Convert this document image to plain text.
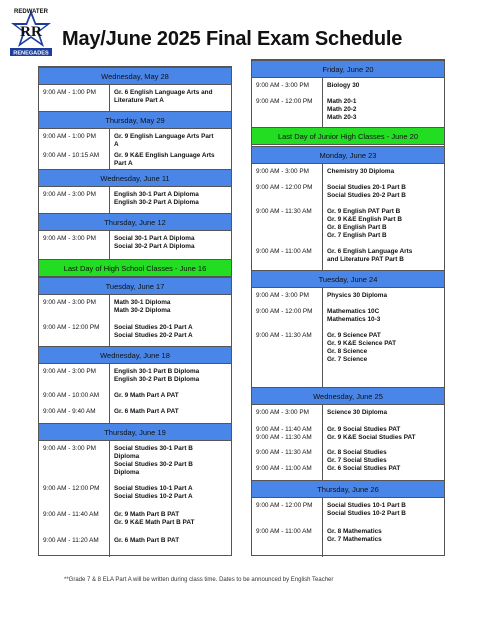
RR
REDWATER
RENEGADES
May/June 2025 Final Exam Schedule
Wednesday, May 28
9:00 AM - 1:00 PM	Gr. 6 English Language Arts and
Literature Part A
Thursday, May 29
9:00 AM - 1:00 PM	Gr. 9 English Language Arts Part
A
9:00 AM - 10:15 AM	Gr. 9 K&E English Language Arts
Part A
Wednesday, June 11
9:00 AM - 3:00 PM	English 30-1 Part A Diploma
English 30-2 Part A Diploma
Thursday, June 12
9:00 AM - 3:00 PM	Social 30-1 Part A Diploma
Social 30-2 Part A Diploma
Last Day of High School Classes - June 16
Tuesday, June 17
9:00 AM - 3:00 PM	Math 30-1 Diploma
Math 30-2 Diploma
9:00 AM - 12:00 PM	Social Studies 20-1 Part A
Social Studies 20-2 Part A
Wednesday, June 18
9:00 AM - 3:00 PM	English 30-1 Part B Diploma
English 30-2 Part B Diploma
9:00 AM - 10:00 AM	Gr. 9 Math Part A PAT
9:00 AM - 9:40 AM	Gr. 6 Math Part A PAT
Thursday, June 19
9:00 AM - 3:00 PM	Social Studies 30-1 Part B
Diploma
Social Studies 30-2 Part B
Diploma
9:00 AM - 12:00 PM	Social Studies 10-1 Part A
Social Studies 10-2 Part A
9:00 AM - 11:40 AM	Gr. 9 Math Part B PAT
Gr. 9 K&E Math Part B PAT
9:00 AM - 11:20 AM	Gr. 6 Math Part B PAT
Friday, June 20
9:00 AM - 3:00 PM	Biology 30
9:00 AM - 12:00 PM	Math 20-1
Math 20-2
Math 20-3
Last Day of Junior High Classes - June 20
Monday, June 23
9:00 AM - 3:00 PM	Chemistry 30 Diploma
9:00 AM - 12:00 PM	Social Studies 20-1 Part B
Social Studies 20-2 Part B
9:00 AM - 11:30 AM	Gr. 9 English PAT Part B
Gr. 9 K&E English Part B
Gr. 8 English Part B
Gr. 7 English Part B
9:00 AM - 11:00 AM	Gr. 6 English Language Arts
and Literature PAT Part B
Tuesday, June 24
9:00 AM - 3:00 PM	Physics 30 Diploma
9:00 AM - 12:00 PM	Mathematics 10C
Mathematics 10-3
9:00 AM - 11:30 AM	Gr. 9 Science PAT
Gr. 9 K&E Science PAT
Gr. 8 Science
Gr. 7 Science
Wednesday, June 25
9:00 AM - 3:00 PM	Science 30 Diploma
9:00 AM - 11:40 AM	Gr. 9 Social Studies PAT
9:00 AM - 11:30 AM	Gr. 9 K&E Social Studies PAT
9:00 AM - 11:30 AM	Gr. 8 Social Studies
Gr. 7 Social Studies
9:00 AM - 11:00 AM	Gr. 6 Social Studies PAT
Thursday, June 26
9:00 AM - 12:00 PM	Social Studies 10-1 Part B
Social Studies 10-2 Part B
9:00 AM - 11:00 AM	Gr. 8 Mathematics
Gr. 7 Mathematics
**Grade 7 & 8 ELA Part A will be written during class time. Dates to be announced by English Teacher
